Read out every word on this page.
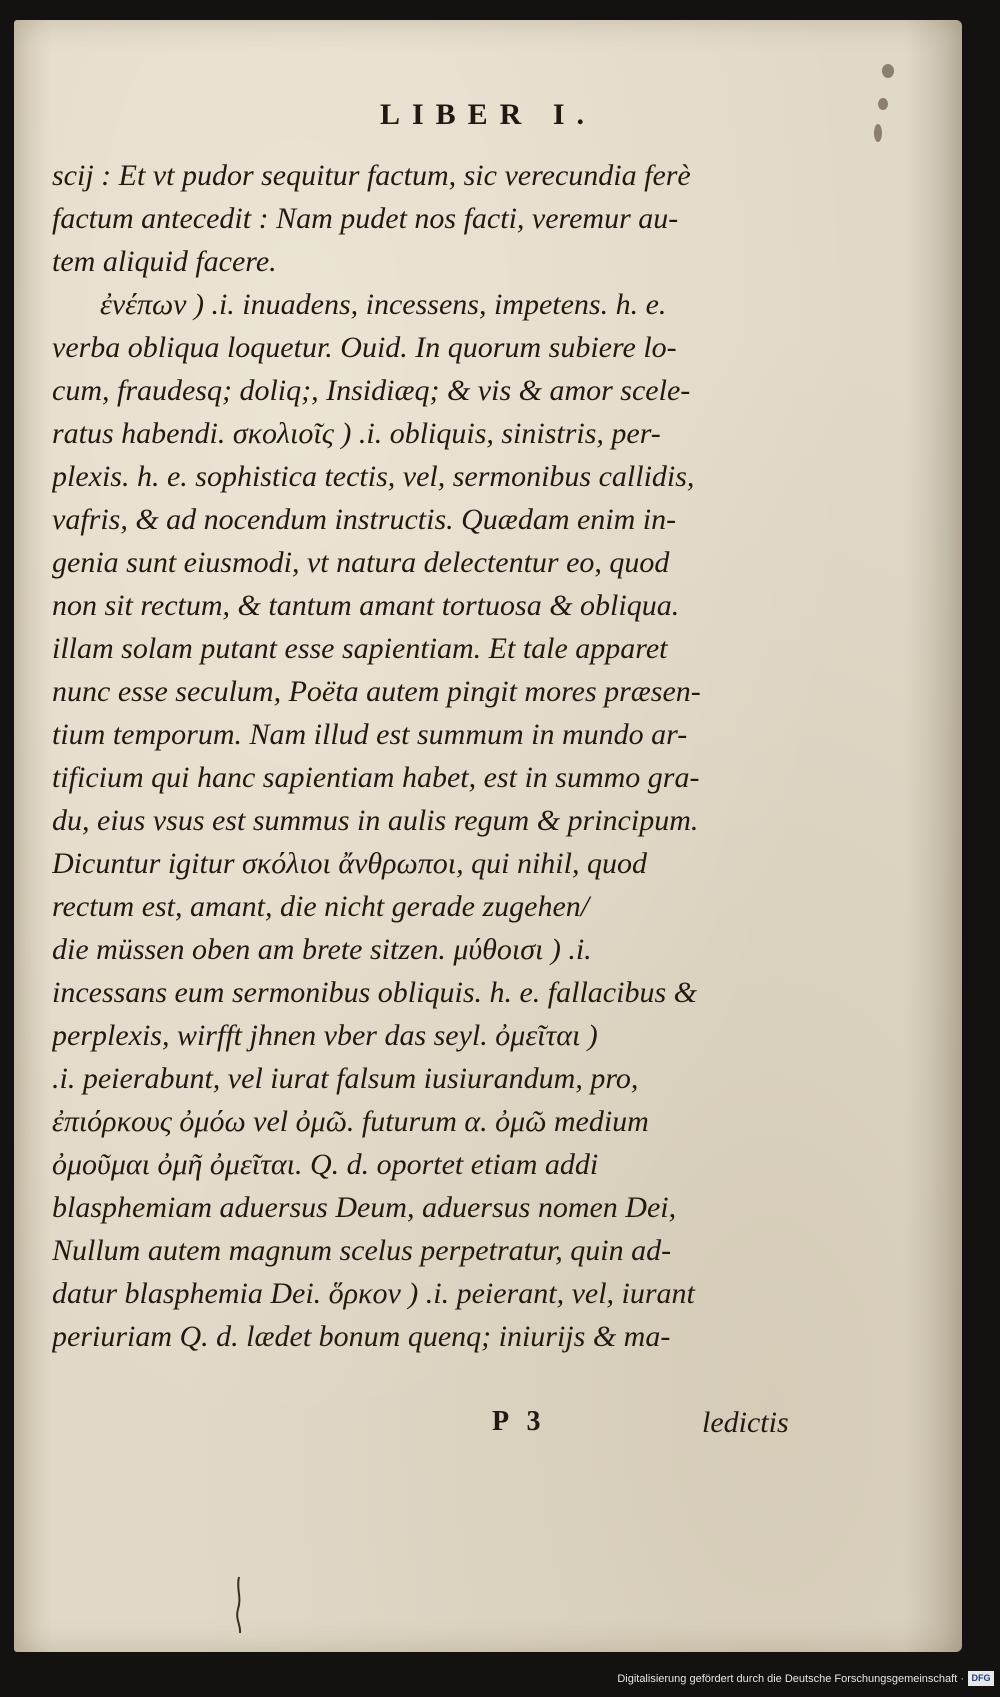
LIBER I.
scij : Et vt pudor sequitur factum, sic verecundia ferè
factum antecedit : Nam pudet nos facti, veremur au-
tem aliquid facere.
ἐνέπων ) .i. inuadens, incessens, impetens. h. e.
verba obliqua loquetur. Ouid. In quorum subiere lo-
cum, fraudesq; doliq;, Insidiæq; & vis & amor scele-
ratus habendi. σκολιοῖς ) .i. obliquis, sinistris, per-
plexis. h. e. sophistica tectis, vel, sermonibus callidis,
vafris, & ad nocendum instructis. Quædam enim in-
genia sunt eiusmodi, vt natura delectentur eo, quod
non sit rectum, & tantum amant tortuosa & obliqua.
illam solam putant esse sapientiam. Et tale apparet
nunc esse seculum, Poëta autem pingit mores præsen-
tium temporum. Nam illud est summum in mundo ar-
tificium qui hanc sapientiam habet, est in summo gra-
du, eius vsus est summus in aulis regum & principum.
Dicuntur igitur σκόλιοι ἄνθρωποι, qui nihil, quod
rectum est, amant, die nicht gerade zugehen/
die müssen oben am brete sitzen. μύθοισι ) .i.
incessans eum sermonibus obliquis. h. e. fallacibus &
perplexis, wirfft jhnen vber das seyl. ὀμεῖται )
.i. peierabunt, vel iurat falsum iusiurandum, pro,
ἐπιόρκους ὀμόω vel ὀμῶ. futurum α. ὀμῶ medium
ὀμοῦμαι ὀμῆ ὀμεῖται. Q. d. oportet etiam addi
blasphemiam aduersus Deum, aduersus nomen Dei,
Nullum autem magnum scelus perpetratur, quin ad-
datur blasphemia Dei. ὅρκον ) .i. peierant, vel, iurant
periuriam Q. d. lædet bonum quenq; iniurijs & ma-
P 3	ledictis
Digitalisierung gefördert durch die Deutsche Forschungsgemeinschaft · DFG
